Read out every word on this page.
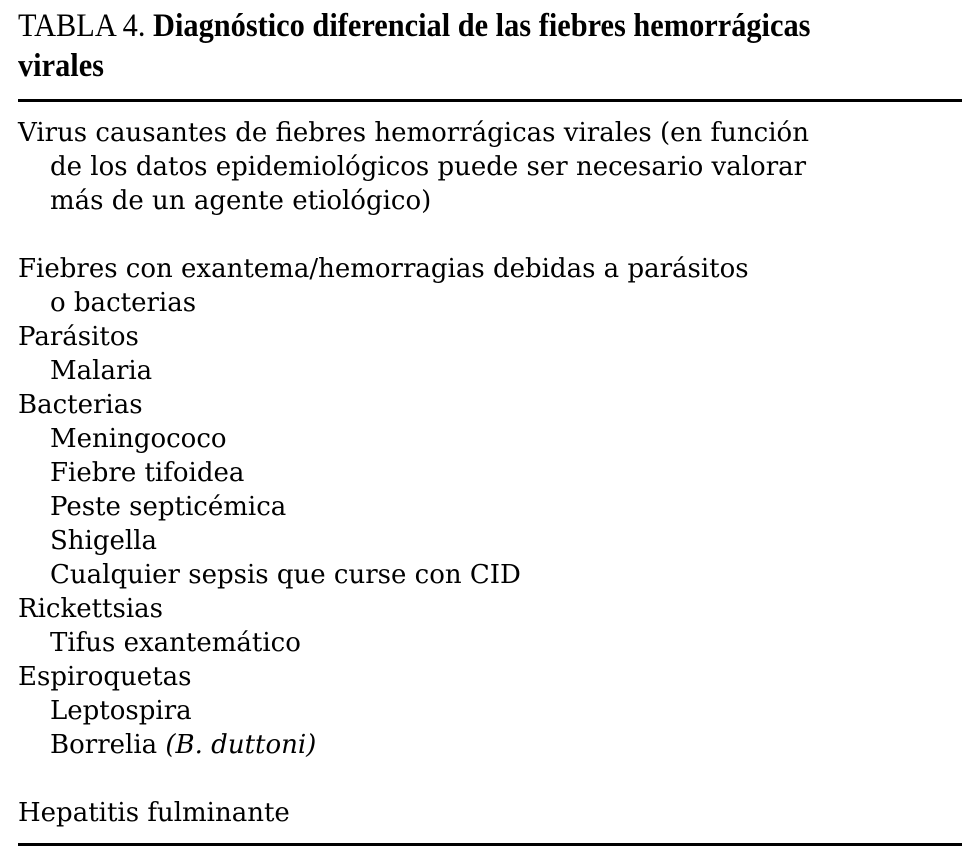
TABLA 4. Diagnóstico diferencial de las fiebres hemorrágicas
virales
Virus causantes de fiebres hemorrágicas virales (en función
de los datos epidemiológicos puede ser necesario valorar
más de un agente etiológico)
Fiebres con exantema/hemorragias debidas a parásitos
o bacterias
Parásitos
Malaria
Bacterias
Meningococo
Fiebre tifoidea
Peste septicémica
Shigella
Cualquier sepsis que curse con CID
Rickettsias
Tifus exantemático
Espiroquetas
Leptospira
Borrelia (B. duttoni)
Hepatitis fulminante
